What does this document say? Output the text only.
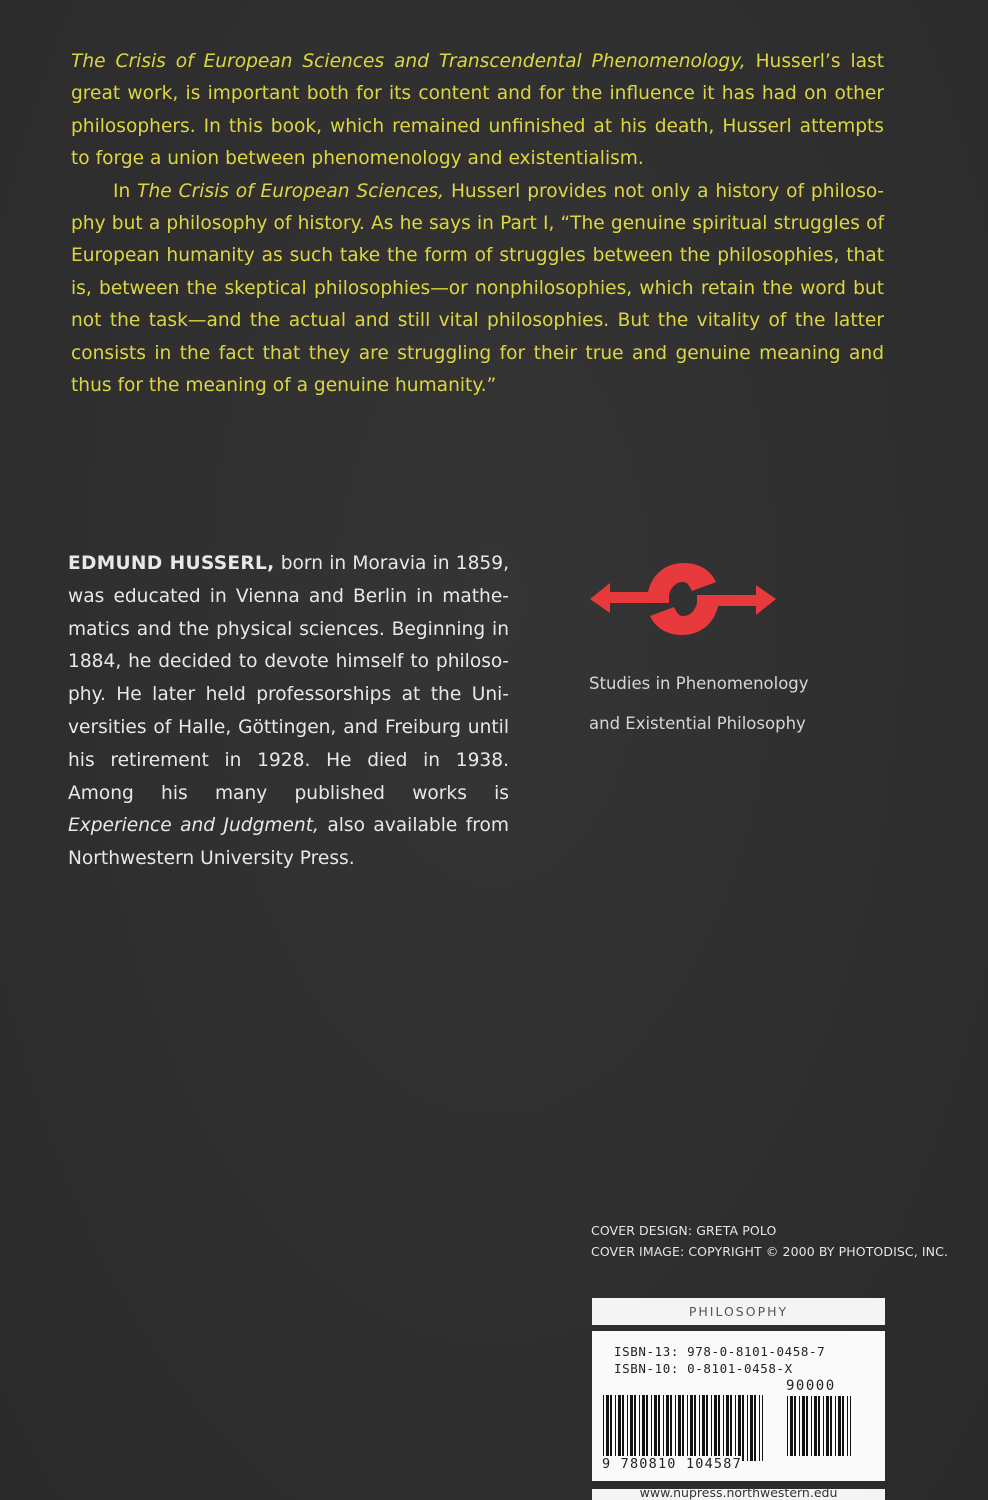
The Crisis of European Sciences and Transcendental Phenomenology, Husserl’s last great work, is important both for its content and for the influence it has had on other philosophers. In this book, which remained unfinished at his death, Husserl attempts to forge a union between phenomenology and existentialism.

In The Crisis of European Sciences, Husserl provides not only a history of philosophy but a philosophy of history. As he says in Part I, “The genuine spiritual struggles of European humanity as such take the form of struggles between the philosophies, that is, between the skeptical philosophies—or nonphilosophies, which retain the word but not the task—and the actual and still vital philosophies. But the vitality of the latter consists in the fact that they are struggling for their true and genuine meaning and thus for the meaning of a genuine humanity.”

EDMUND HUSSERL, born in Moravia in 1859, was educated in Vienna and Berlin in mathematics and the physical sciences. Beginning in 1884, he decided to devote himself to philosophy. He later held professorships at the Universities of Halle, Göttingen, and Freiburg until his retirement in 1928. He died in 1938. Among his many published works is Experience and Judgment, also available from Northwestern University Press.

Studies in Phenomenology
and Existential Philosophy
COVER DESIGN: GRETA POLO
COVER IMAGE: COPYRIGHT © 2000 BY PHOTODISC, INC.
PHILOSOPHY
ISBN-13: 978-0-8101-0458-7
ISBN-10: 0-8101-0458-X
90000
9 780810 104587
www.nupress.northwestern.edu
